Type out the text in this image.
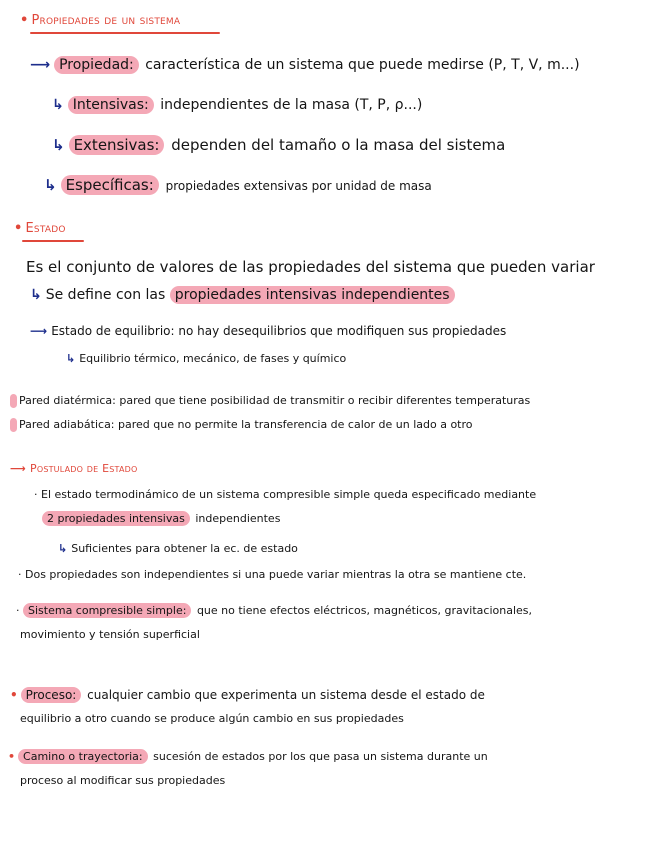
• Propiedades de un sistema
⟶ Propiedad: característica de un sistema que puede medirse (P, T, V, m...)
↳ Intensivas: independientes de la masa (T, P, ρ...)
↳ Extensivas: dependen del tamaño o la masa del sistema
↳ Específicas: propiedades extensivas por unidad de masa
• Estado
Es el conjunto de valores de las propiedades del sistema que pueden variar
↳ Se define con las propiedades intensivas independientes
⟶ Estado de equilibrio: no hay desequilibrios que modifiquen sus propiedades
↳ Equilibrio térmico, mecánico, de fases y químico
Pared diatérmica: pared que tiene posibilidad de transmitir o recibir diferentes temperaturas
Pared adiabática: pared que no permite la transferencia de calor de un lado a otro
⟶ Postulado de Estado
· El estado termodinámico de un sistema compresible simple queda especificado mediante
2 propiedades intensivas independientes
↳ Suficientes para obtener la ec. de estado
· Dos propiedades son independientes si una puede variar mientras la otra se mantiene cte.
· Sistema compresible simple: que no tiene efectos eléctricos, magnéticos, gravitacionales,
movimiento y tensión superficial
• Proceso: cualquier cambio que experimenta un sistema desde el estado de
equilibrio a otro cuando se produce algún cambio en sus propiedades
• Camino o trayectoria: sucesión de estados por los que pasa un sistema durante un
proceso al modificar sus propiedades
